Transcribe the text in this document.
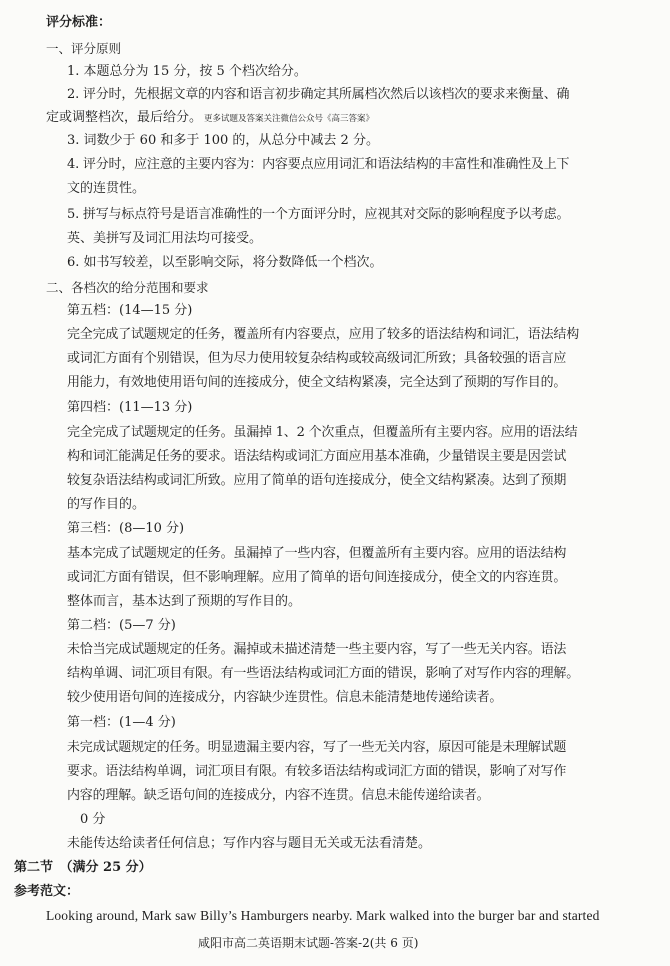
评分标准：
一、评分原则
1. 本题总分为 15 分，按 5 个档次给分。
2. 评分时，先根据文章的内容和语言初步确定其所属档次然后以该档次的要求来衡量、确
定或调整档次，最后给分。 更多试题及答案关注微信公众号《高三答案》
3. 词数少于 60 和多于 100 的，从总分中减去 2 分。
4. 评分时，应注意的主要内容为：内容要点应用词汇和语法结构的丰富性和准确性及上下
文的连贯性。
5. 拼写与标点符号是语言准确性的一个方面评分时，应视其对交际的影响程度予以考虑。
英、美拼写及词汇用法均可接受。
6. 如书写较差，以至影响交际，将分数降低一个档次。
二、各档次的给分范围和要求
第五档：(14—15 分)
完全完成了试题规定的任务，覆盖所有内容要点，应用了较多的语法结构和词汇，语法结构
或词汇方面有个别错误，但为尽力使用较复杂结构或较高级词汇所致；具备较强的语言应
用能力，有效地使用语句间的连接成分，使全文结构紧凑，完全达到了预期的写作目的。
第四档：(11—13 分)
完全完成了试题规定的任务。虽漏掉 1、2 个次重点，但覆盖所有主要内容。应用的语法结
构和词汇能满足任务的要求。语法结构或词汇方面应用基本准确，少量错误主要是因尝试
较复杂语法结构或词汇所致。应用了简单的语句连接成分，使全文结构紧凑。达到了预期
的写作目的。
第三档：(8—10 分)
基本完成了试题规定的任务。虽漏掉了一些内容，但覆盖所有主要内容。应用的语法结构
或词汇方面有错误，但不影响理解。应用了简单的语句间连接成分，使全文的内容连贯。
整体而言，基本达到了预期的写作目的。
第二档：(5—7 分)
未恰当完成试题规定的任务。漏掉或未描述清楚一些主要内容，写了一些无关内容。语法
结构单调、词汇项目有限。有一些语法结构或词汇方面的错误，影响了对写作内容的理解。
较少使用语句间的连接成分，内容缺少连贯性。信息未能清楚地传递给读者。
第一档：(1—4 分)
未完成试题规定的任务。明显遗漏主要内容，写了一些无关内容，原因可能是未理解试题
要求。语法结构单调，词汇项目有限。有较多语法结构或词汇方面的错误，影响了对写作
内容的理解。缺乏语句间的连接成分，内容不连贯。信息未能传递给读者。
0 分
未能传达给读者任何信息；写作内容与题目无关或无法看清楚。
第二节　（满分 25 分）
参考范文：
Looking around, Mark saw Billy’s Hamburgers nearby. Mark walked into the burger bar and started
咸阳市高二英语期末试题-答案-2(共 6 页)
